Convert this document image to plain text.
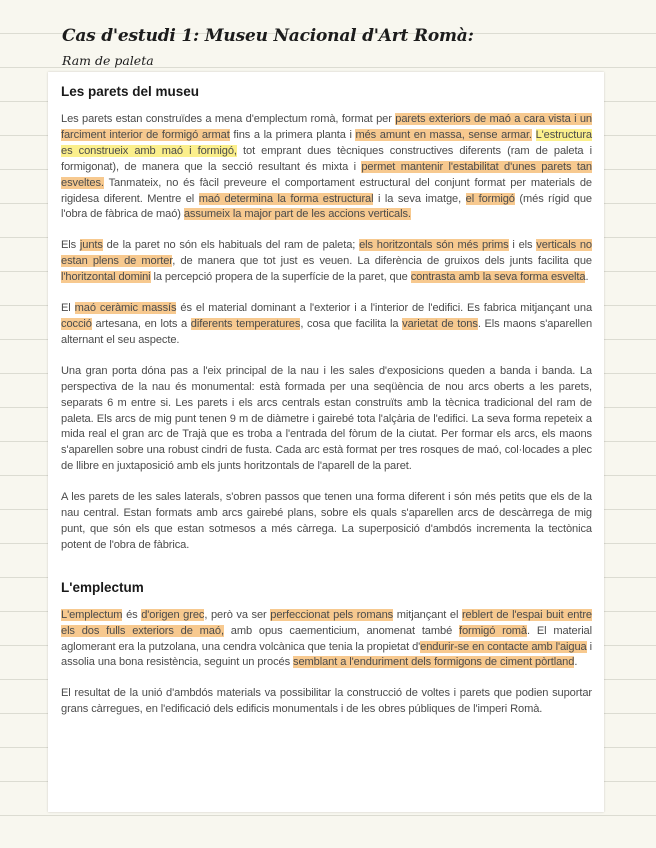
Cas d'estudi 1: Museu Nacional d'Art Romà:
Ram de paleta
Les parets del museu

Les parets estan construïdes a mena d'emplectum romà, format per parets exteriors de maó a cara vista i un farciment interior de formigó armat fins a la primera planta i més amunt en massa, sense armar. L'estructura es construeix amb maó i formigó, tot emprant dues tècniques constructives diferents (ram de paleta i formigonat), de manera que la secció resultant és mixta i permet mantenir l'estabilitat d'unes parets tan esveltes. Tanmateix, no és fàcil preveure el comportament estructural del conjunt format per materials de rigidesa diferent. Mentre el maó determina la forma estructural i la seva imatge, el formigó (més rígid que l'obra de fàbrica de maó) assumeix la major part de les accions verticals.

Els junts de la paret no són els habituals del ram de paleta; els horitzontals són més prims i els verticals no estan plens de morter, de manera que tot just es veuen. La diferència de gruixos dels junts facilita que l'horitzontal domini la percepció propera de la superfície de la paret, que contrasta amb la seva forma esvelta.

El maó ceràmic massís és el material dominant a l'exterior i a l'interior de l'edifici. Es fabrica mitjançant una cocció artesana, en lots a diferents temperatures, cosa que facilita la varietat de tons. Els maons s'aparellen alternant el seu aspecte.

Una gran porta dóna pas a l'eix principal de la nau i les sales d'exposicions queden a banda i banda. La perspectiva de la nau és monumental: està formada per una seqüència de nou arcs oberts a les parets, separats 6 m entre si. Les parets i els arcs centrals estan construïts amb la tècnica tradicional del ram de paleta. Els arcs de mig punt tenen 9 m de diàmetre i gairebé tota l'alçària de l'edifici. La seva forma repeteix a mida real el gran arc de Trajà que es troba a l'entrada del fòrum de la ciutat. Per formar els arcs, els maons s'aparellen sobre una robust cindri de fusta. Cada arc està format per tres rosques de maó, col·locades a plec de llibre en juxtaposició amb els junts horitzontals de l'aparell de la paret.

A les parets de les sales laterals, s'obren passos que tenen una forma diferent i són més petits que els de la nau central. Estan formats amb arcs gairebé plans, sobre els quals s'aparellen arcs de descàrrega de mig punt, que són els que estan sotmesos a més càrrega. La superposició d'ambdós incrementa la tectònica potent de l'obra de fàbrica.

L'emplectum

L'emplectum és d'origen grec, però va ser perfeccionat pels romans mitjançant el reblert de l'espai buit entre els dos fulls exteriors de maó, amb opus caementicium, anomenat també formigó romà. El material aglomerant era la putzolana, una cendra volcànica que tenia la propietat d'endurir-se en contacte amb l'aigua i assolia una bona resistència, seguint un procés semblant a l'enduriment dels formigons de ciment pòrtland.

El resultat de la unió d'ambdós materials va possibilitar la construcció de voltes i parets que podien suportar grans càrregues, en l'edificació dels edificis monumentals i de les obres públiques de l'imperi Romà.
